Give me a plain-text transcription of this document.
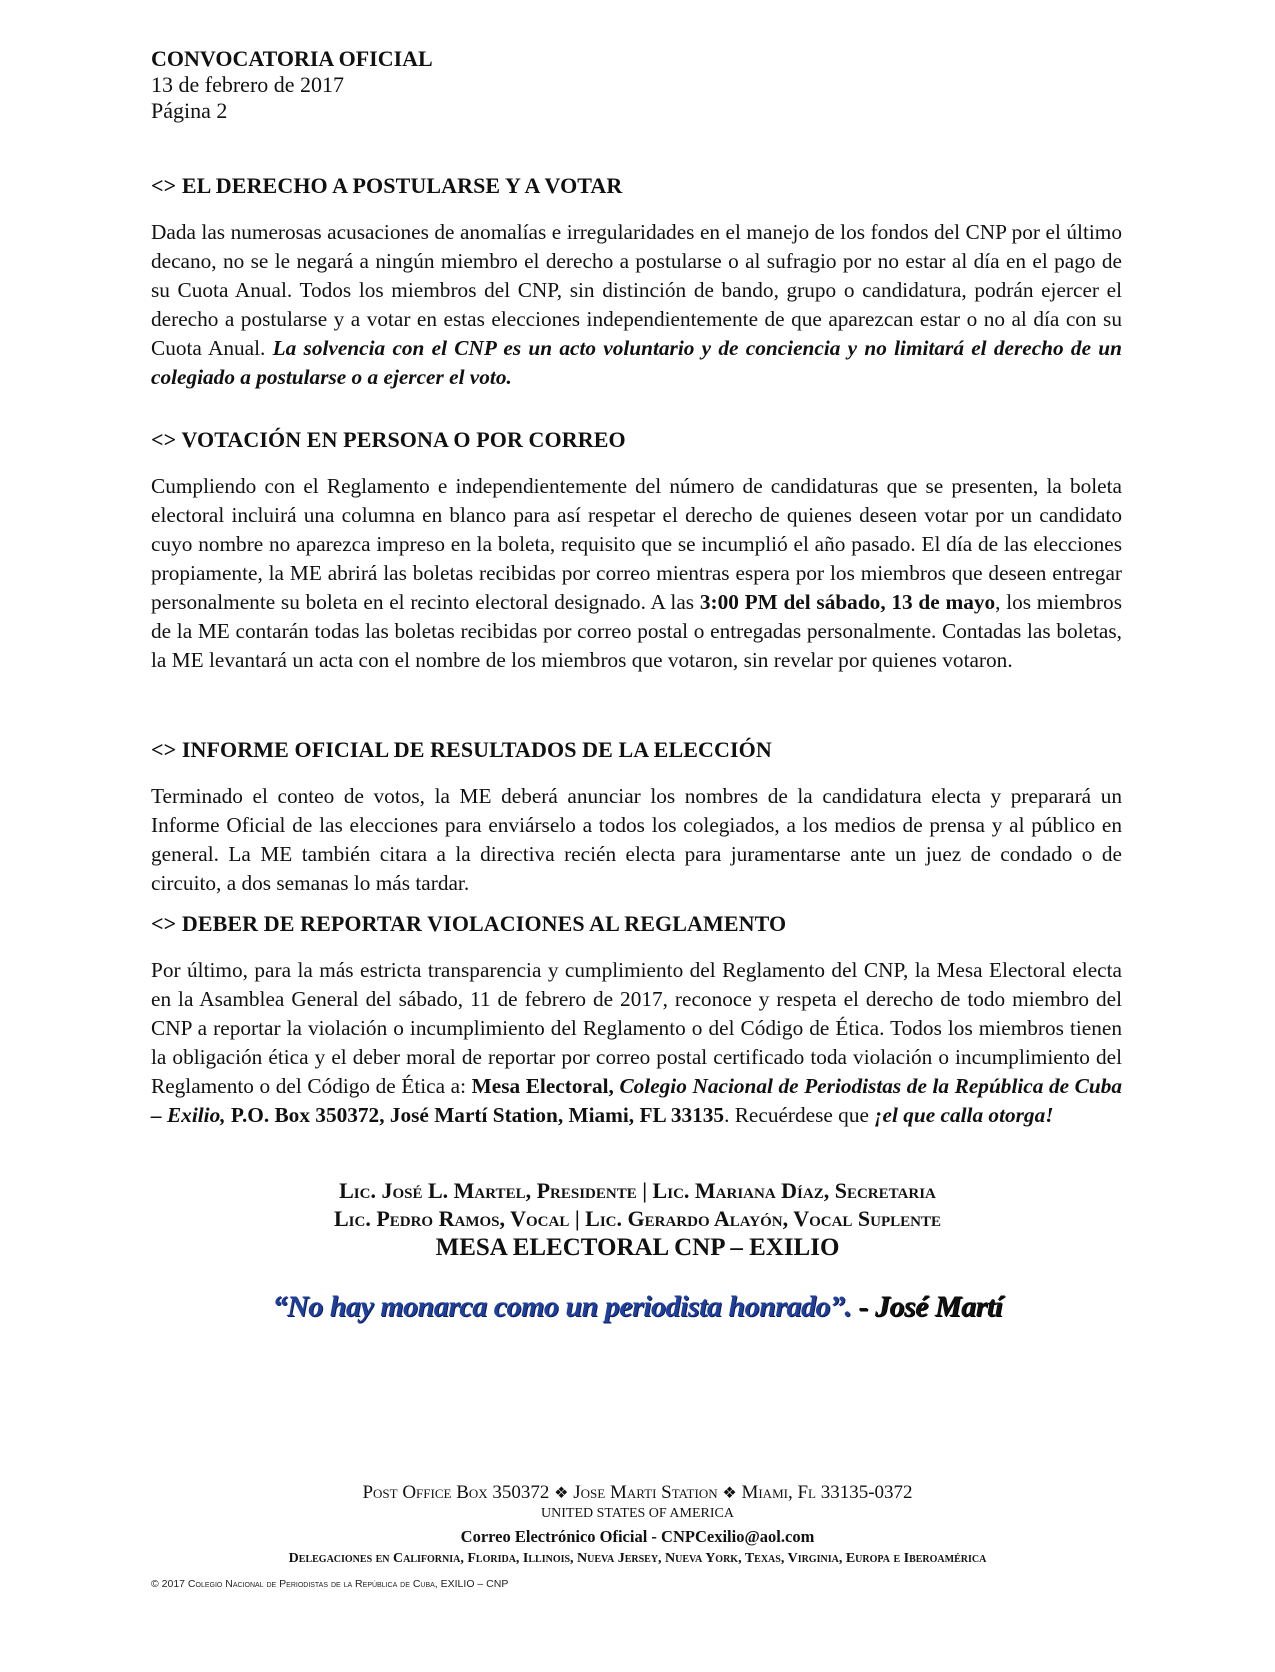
CONVOCATORIA OFICIAL
13 de febrero de 2017
Página 2
<> EL DERECHO A POSTULARSE Y A VOTAR

Dada las numerosas acusaciones de anomalías e irregularidades en el manejo de los fondos del CNP por el último decano, no se le negará a ningún miembro el derecho a postularse o al sufragio por no estar al día en el pago de su Cuota Anual. Todos los miembros del CNP, sin distinción de bando, grupo o candidatura, podrán ejercer el derecho a postularse y a votar en estas elecciones independientemente de que aparezcan estar o no al día con su Cuota Anual. La solvencia con el CNP es un acto voluntario y de conciencia y no limitará el derecho de un colegiado a postularse o a ejercer el voto.

<> VOTACIÓN EN PERSONA O POR CORREO

Cumpliendo con el Reglamento e independientemente del número de candidaturas que se presenten, la boleta electoral incluirá una columna en blanco para así respetar el derecho de quienes deseen votar por un candidato cuyo nombre no aparezca impreso en la boleta, requisito que se incumplió el año pasado. El día de las elecciones propiamente, la ME abrirá las boletas recibidas por correo mientras espera por los miembros que deseen entregar personalmente su boleta en el recinto electoral designado. A las 3:00 PM del sábado, 13 de mayo, los miembros de la ME contarán todas las boletas recibidas por correo postal o entregadas personalmente. Contadas las boletas, la ME levantará un acta con el nombre de los miembros que votaron, sin revelar por quienes votaron.

<> INFORME OFICIAL DE RESULTADOS DE LA ELECCIÓN

Terminado el conteo de votos, la ME deberá anunciar los nombres de la candidatura electa y preparará un Informe Oficial de las elecciones para enviárselo a todos los colegiados, a los medios de prensa y al público en general. La ME también citara a la directiva recién electa para juramentarse ante un juez de condado o de circuito, a dos semanas lo más tardar.

<> DEBER DE REPORTAR VIOLACIONES AL REGLAMENTO

Por último, para la más estricta transparencia y cumplimiento del Reglamento del CNP, la Mesa Electoral electa en la Asamblea General del sábado, 11 de febrero de 2017, reconoce y respeta el derecho de todo miembro del CNP a reportar la violación o incumplimiento del Reglamento o del Código de Ética. Todos los miembros tienen la obligación ética y el deber moral de reportar por correo postal certificado toda violación o incumplimiento del Reglamento o del Código de Ética a: Mesa Electoral, Colegio Nacional de Periodistas de la República de Cuba – Exilio, P.O. Box 350372, José Martí Station, Miami, FL 33135. Recuérdese que ¡el que calla otorga!

Lic. José L. Martel, Presidente | Lic. Mariana Díaz, Secretaria
Lic. Pedro Ramos, Vocal | Lic. Gerardo Alayón, Vocal Suplente
MESA ELECTORAL CNP – EXILIO
“No hay monarca como un periodista honrado”. - José Martí
Post Office Box 350372 ❖ Jose Marti Station ❖ Miami, Fl 33135-0372
UNITED STATES OF AMERICA
Correo Electrónico Oficial - CNPCexilio@aol.com
Delegaciones en California, Florida, Illinois, Nueva Jersey, Nueva York, Texas, Virginia, Europa e Iberoamérica
© 2017 Colegio Nacional de Periodistas de la República de Cuba, EXILIO – CNP
